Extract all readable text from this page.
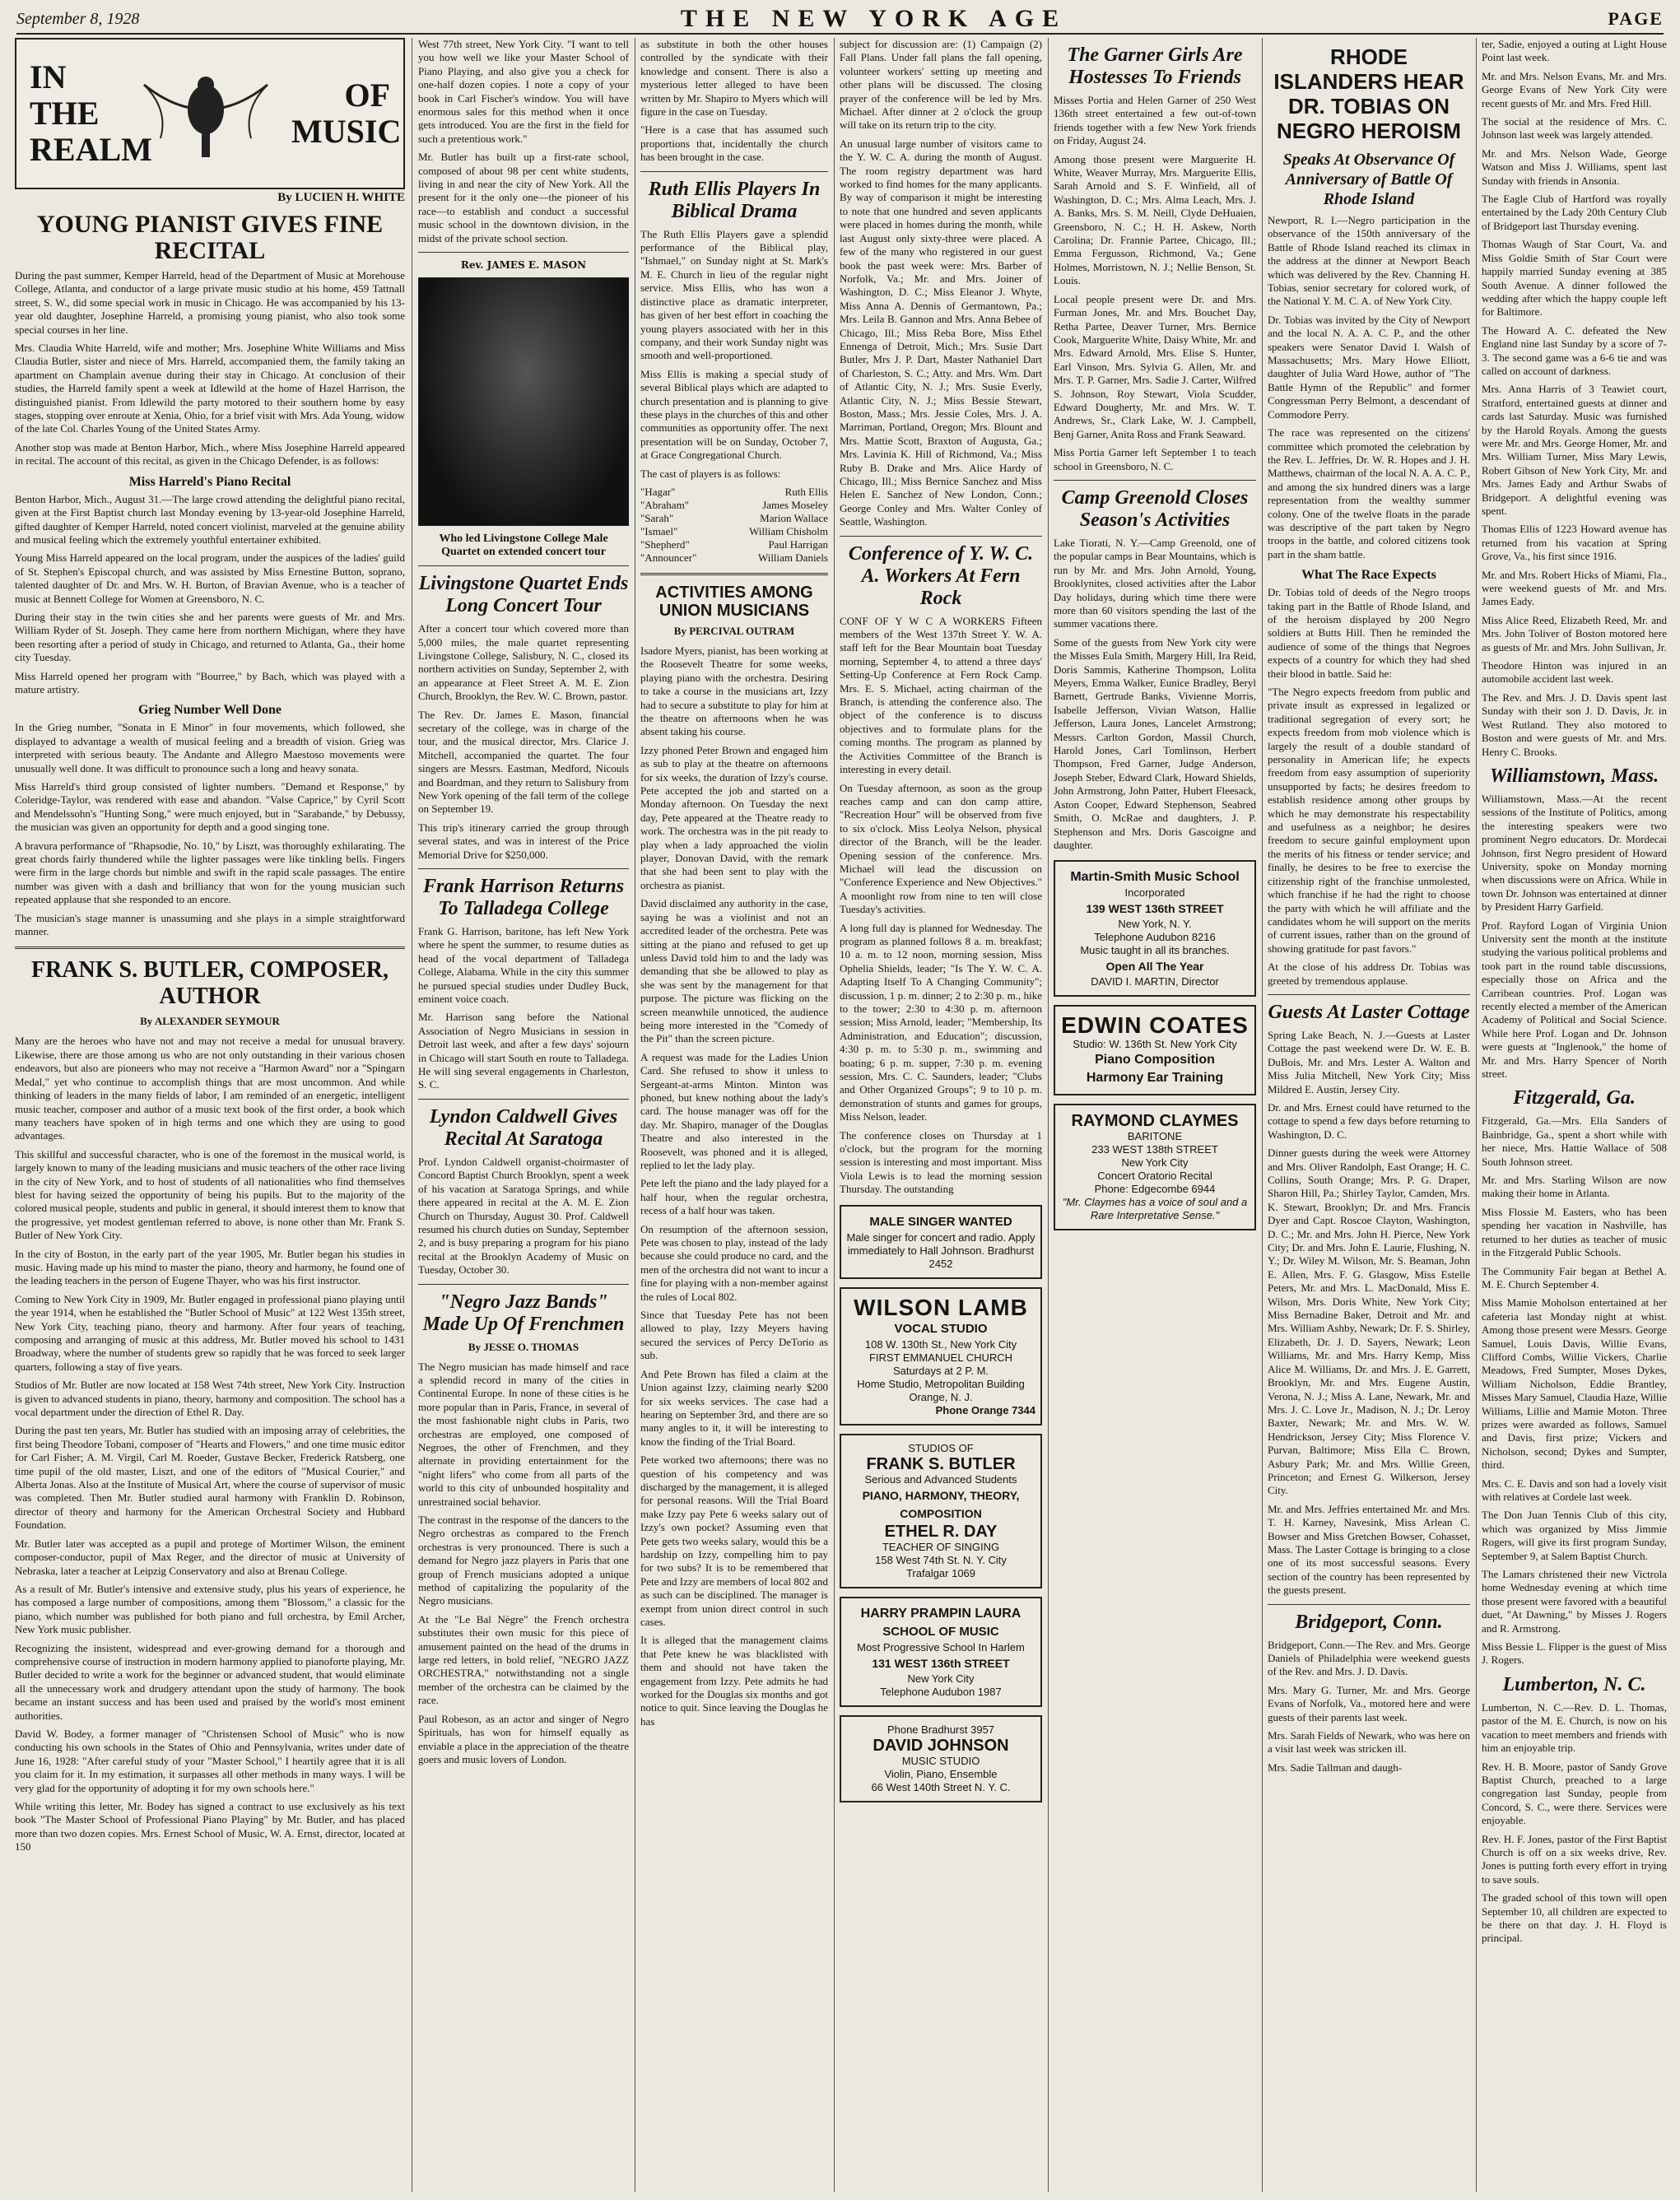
September 8, 1928	THE NEW YORK AGE	PAGE
IN THE REALM
OF MUSIC
By LUCIEN H. WHITE
YOUNG PIANIST GIVES FINE RECITAL

During the past summer, Kemper Harreld, head of the Department of Music at Morehouse College, Atlanta, and conductor of a large private music studio at his home, 459 Tattnall street, S. W., did some special work in music in Chicago. He was accompanied by his 13-year old daughter, Josephine Harreld, a promising young pianist, who also took some special courses in her line.

Mrs. Claudia White Harreld, wife and mother; Mrs. Josephine White Williams and Miss Claudia Butler, sister and niece of Mrs. Harreld, accompanied them, the family taking an apartment on Champlain avenue during their stay in Chicago. At conclusion of their studies, the Harreld family spent a week at Idlewild at the home of Hazel Harrison, the distinguished pianist. From Idlewild the party motored to their southern home by easy stages, stopping over enroute at Xenia, Ohio, for a brief visit with Mrs. Ada Young, widow of the late Col. Charles Young of the United States Army.

Another stop was made at Benton Harbor, Mich., where Miss Josephine Harreld appeared in recital. The account of this recital, as given in the Chicago Defender, is as follows:

Miss Harreld's Piano Recital

Benton Harbor, Mich., August 31.—The large crowd attending the delightful piano recital, given at the First Baptist church last Monday evening by 13-year-old Josephine Harreld, gifted daughter of Kemper Harreld, noted concert violinist, marveled at the genuine ability and musical feeling which the extremely youthful entertainer exhibited.

Young Miss Harreld appeared on the local program, under the auspices of the ladies' guild of St. Stephen's Episcopal church, and was assisted by Miss Ernestine Button, soprano, talented daughter of Dr. and Mrs. W. H. Burton, of Bravian Avenue, who is a teacher of music at Bennett College for Women at Greensboro, N. C.

During their stay in the twin cities she and her parents were guests of Mr. and Mrs. William Ryder of St. Joseph. They came here from northern Michigan, where they have been resorting after a period of study in Chicago, and returned to Atlanta, Ga., their home city Tuesday.

Miss Harreld opened her program with "Bourree," by Bach, which was played with a mature artistry.

Grieg Number Well Done

In the Grieg number, "Sonata in E Minor" in four movements, which followed, she displayed to advantage a wealth of musical feeling and a breadth of vision. Grieg was interpreted with serious beauty. The Andante and Allegro Maestoso movements were unusually well done. It was difficult to pronounce such a long and heavy sonata.

Miss Harreld's third group consisted of lighter numbers. "Demand et Response," by Coleridge-Taylor, was rendered with ease and abandon. "Valse Caprice," by Cyril Scott and Mendelssohn's "Hunting Song," were much enjoyed, but in "Sarabande," by Debussy, the musician was given an opportunity for depth and a good singing tone.

A bravura performance of "Rhapsodie, No. 10," by Liszt, was thoroughly exhilarating. The great chords fairly thundered while the lighter passages were like tinkling bells. Fingers were firm in the large chords but nimble and swift in the rapid scale passages. The entire number was given with a dash and brilliancy that won for the young musician such repeated applause that she responded to an encore.

The musician's stage manner is unassuming and she plays in a simple straightforward manner.

FRANK S. BUTLER, COMPOSER, AUTHOR
By ALEXANDER SEYMOUR

Many are the heroes who have not and may not receive a medal for unusual bravery. Likewise, there are those among us who are not only outstanding in their various chosen endeavors, but also are pioneers who may not receive a "Harmon Award" nor a "Spingarn Medal," yet who continue to accomplish things that are most uncommon. And while thinking of leaders in the many fields of labor, I am reminded of an energetic, intelligent music teacher, composer and author of a music text book of the first order, a book which many teachers have spoken of in high terms and one which they are using to good advantages.

This skillful and successful character, who is one of the foremost in the musical world, is largely known to many of the leading musicians and music teachers of the other race living in the city of New York, and to host of students of all nationalities who find themselves blest for having seized the opportunity of being his pupils. But to the majority of the colored musical people, students and public in general, it should interest them to know that the progressive, yet modest gentleman referred to above, is none other than Mr. Frank S. Butler of New York City.

In the city of Boston, in the early part of the year 1905, Mr. Butler began his studies in music. Having made up his mind to master the piano, theory and harmony, he found one of the leading teachers in the person of Eugene Thayer, who was his first instructor.

Coming to New York City in 1909, Mr. Butler engaged in professional piano playing until the year 1914, when he established the "Butler School of Music" at 122 West 135th street, New York City, teaching piano, theory and harmony. After four years of teaching, composing and arranging of music at this address, Mr. Butler moved his school to 1431 Broadway, where the number of students grew so rapidly that he was forced to seek larger quarters, following a stay of five years.

Studios of Mr. Butler are now located at 158 West 74th street, New York City. Instruction is given to advanced students in piano, theory, harmony and composition. The school has a vocal department under the direction of Ethel R. Day.

During the past ten years, Mr. Butler has studied with an imposing array of celebrities, the first being Theodore Tobani, composer of "Hearts and Flowers," and one time music editor for Carl Fisher; A. M. Virgil, Carl M. Roeder, Gustave Becker, Frederick Ratsberg, one time pupil of the old master, Liszt, and one of the editors of "Musical Courier," and Alberta Jonas. Also at the Institute of Musical Art, where the course of supervisor of music was completed. Then Mr. Butler studied aural harmony with Franklin D. Robinson, director of theory and harmony for the American Orchestral Society and Hubbard Foundation.

Mr. Butler later was accepted as a pupil and protege of Mortimer Wilson, the eminent composer-conductor, pupil of Max Reger, and the director of music at University of Nebraska, later a teacher at Leipzig Conservatory and also at Brenau College.

As a result of Mr. Butler's intensive and extensive study, plus his years of experience, he has composed a large number of compositions, among them "Blossom," a classic for the piano, which number was published for both piano and full orchestra, by Emil Archer, New York music publisher.

Recognizing the insistent, widespread and ever-growing demand for a thorough and comprehensive course of instruction in modern harmony applied to pianoforte playing, Mr. Butler decided to write a work for the beginner or advanced student, that would eliminate all the unnecessary work and drudgery attendant upon the study of harmony. The book became an instant success and has been used and praised by the world's most eminent authorities.

David W. Bodey, a former manager of "Christensen School of Music" who is now conducting his own schools in the States of Ohio and Pennsylvania, writes under date of June 16, 1928: "After careful study of your "Master School," I heartily agree that it is all you claim for it. In my estimation, it surpasses all other methods in many ways. I will be very glad for the opportunity of adopting it for my own schools here."

While writing this letter, Mr. Bodey has signed a contract to use exclusively as his text book "The Master School of Professional Piano Playing" by Mr. Butler, and has placed more than two dozen copies. Mrs. Ernest School of Music, W. A. Ernst, director, located at 150

West 77th street, New York City. "I want to tell you how well we like your Master School of Piano Playing, and also give you a check for one-half dozen copies. I note a copy of your book in Carl Fischer's window. You will have enormous sales for this method when it once gets introduced. You are the first in the field for such a pretentious work."

Mr. Butler has built up a first-rate school, composed of about 98 per cent white students, living in and near the city of New York. All the present for it the only one—the pioneer of his race—to establish and conduct a successful music school in the downtown division, in the midst of the private school section.

Rev. JAMES E. MASON
Who led Livingstone College Male Quartet on extended concert tour
Livingstone Quartet Ends Long Concert Tour

After a concert tour which covered more than 5,000 miles, the male quartet representing Livingstone College, Salisbury, N. C., closed its northern activities on Sunday, September 2, with an appearance at Fleet Street A. M. E. Zion Church, Brooklyn, the Rev. W. C. Brown, pastor.

The Rev. Dr. James E. Mason, financial secretary of the college, was in charge of the tour, and the musical director, Mrs. Clarice J. Mitchell, accompanied the quartet. The four singers are Messrs. Eastman, Medford, Nicouls and Boardman, and they return to Salisbury from New York opening of the fall term of the college on September 19.

This trip's itinerary carried the group through several states, and was in interest of the Price Memorial Drive for $250,000.

Frank Harrison Returns To Talladega College

Frank G. Harrison, baritone, has left New York where he spent the summer, to resume duties as head of the vocal department of Talladega College, Alabama. While in the city this summer he pursued special studies under Dudley Buck, eminent voice coach.

Mr. Harrison sang before the National Association of Negro Musicians in session in Detroit last week, and after a few days' sojourn in Chicago will start South en route to Talladega. He will sing several engagements in Charleston, S. C.

Lyndon Caldwell Gives Recital At Saratoga

Prof. Lyndon Caldwell organist-choirmaster of Concord Baptist Church Brooklyn, spent a week of his vacation at Saratoga Springs, and while there appeared in recital at the A. M. E. Zion Church on Thursday, August 30. Prof. Caldwell resumed his church duties on Sunday, September 2, and is busy preparing a program for his piano recital at the Brooklyn Academy of Music on Tuesday, October 30.

"Negro Jazz Bands" Made Up Of Frenchmen
By JESSE O. THOMAS

The Negro musician has made himself and race a splendid record in many of the cities in Continental Europe. In none of these cities is he more popular than in Paris, France, in several of the most fashionable night clubs in Paris, two orchestras are employed, one composed of Negroes, the other of Frenchmen, and they alternate in providing entertainment for the "night lifers" who come from all parts of the world to this city of unbounded hospitality and unrestrained social behavior.

The contrast in the response of the dancers to the Negro orchestras as compared to the French orchestras is very pronounced. There is such a demand for Negro jazz players in Paris that one group of French musicians adopted a unique method of capitalizing the popularity of the Negro musicians.

At the "Le Bal Nègre" the French orchestra substitutes their own music for this piece of amusement painted on the head of the drums in large red letters, in bold relief, "NEGRO JAZZ ORCHESTRA," notwithstanding not a single member of the orchestra can be claimed by the race.

Paul Robeson, as an actor and singer of Negro Spirituals, has won for himself equally as enviable a place in the appreciation of the theatre goers and music lovers of London.

as substitute in both the other houses controlled by the syndicate with their knowledge and consent. There is also a mysterious letter alleged to have been written by Mr. Shapiro to Myers which will figure in the case on Tuesday.

"Here is a case that has assumed such proportions that, incidentally the church has been brought in the case.

Ruth Ellis Players In Biblical Drama

The Ruth Ellis Players gave a splendid performance of the Biblical play, "Ishmael," on Sunday night at St. Mark's M. E. Church in lieu of the regular night service. Miss Ellis, who has won a distinctive place as dramatic interpreter, has given of her best effort in coaching the young players associated with her in this company, and their work Sunday night was smooth and well-proportioned.

Miss Ellis is making a special study of several Biblical plays which are adapted to church presentation and is planning to give these plays in the churches of this and other communities as opportunity offer. The next presentation will be on Sunday, October 7, at Grace Congregational Church.

The cast of players is as follows:

"Hagar"	Ruth Ellis
"Abraham"	James Moseley
"Sarah"	Marion Wallace
"Ismael"	William Chisholm
"Shepherd"	Paul Harrigan
"Announcer"	William Daniels
ACTIVITIES AMONG UNION MUSICIANS
By PERCIVAL OUTRAM

Isadore Myers, pianist, has been working at the Roosevelt Theatre for some weeks, playing piano with the orchestra. Desiring to take a course in the musicians art, Izzy had to secure a substitute to play for him at the theatre on afternoons when he was absent taking his course.

Izzy phoned Peter Brown and engaged him as sub to play at the theatre on afternoons for six weeks, the duration of Izzy's course. Pete accepted the job and started on a Monday afternoon. On Tuesday the next day, Pete appeared at the Theatre ready to work. The orchestra was in the pit ready to play when a lady approached the violin player, Donovan David, with the remark that she had been sent to play with the orchestra as pianist.

David disclaimed any authority in the case, saying he was a violinist and not an accredited leader of the orchestra. Pete was sitting at the piano and refused to get up unless David told him to and the lady was demanding that she be allowed to play as she was sent by the management for that purpose. The picture was flicking on the screen meanwhile unnoticed, the audience being more interested in the "Comedy of the Pit" than the screen picture.

A request was made for the Ladies Union Card. She refused to show it unless to Sergeant-at-arms Minton. Minton was phoned, but knew nothing about the lady's card. The house manager was off for the day. Mr. Shapiro, manager of the Douglas Theatre and also interested in the Roosevelt, was phoned and it is alleged, replied to let the lady play.

Pete left the piano and the lady played for a half hour, when the regular orchestra, recess of a half hour was taken.

On resumption of the afternoon session, Pete was chosen to play, instead of the lady because she could produce no card, and the men of the orchestra did not want to incur a fine for playing with a non-member against the rules of Local 802.

Since that Tuesday Pete has not been allowed to play, Izzy Meyers having secured the services of Percy DeTorio as sub.

And Pete Brown has filed a claim at the Union against Izzy, claiming nearly $200 for six weeks services. The case had a hearing on September 3rd, and there are so many angles to it, it will be interesting to know the finding of the Trial Board.

Pete worked two afternoons; there was no question of his competency and was discharged by the management, it is alleged for personal reasons. Will the Trial Board make Izzy pay Pete 6 weeks salary out of Izzy's own pocket? Assuming even that Pete gets two weeks salary, would this be a hardship on Izzy, compelling him to pay for two subs? It is to be remembered that Pete and Izzy are members of local 802 and as such can be disciplined. The manager is exempt from union direct control in such cases.

It is alleged that the management claims that Pete knew he was blacklisted with them and should not have taken the engagement from Izzy. Pete admits he had worked for the Douglas six months and got notice to quit. Since leaving the Douglas he has

subject for discussion are: (1) Campaign (2) Fall Plans. Under fall plans the fall opening, volunteer workers' setting up meeting and other plans will be discussed. The closing prayer of the conference will be led by Mrs. Michael. After dinner at 2 o'clock the group will take on its return trip to the city.

An unusual large number of visitors came to the Y. W. C. A. during the month of August. The room registry department was hard worked to find homes for the many applicants. By way of comparison it might be interesting to note that one hundred and seven applicants were placed in homes during the month, while last August only sixty-three were placed. A few of the many who registered in our guest book the past week were: Mrs. Barber of Norfolk, Va.; Mr. and Mrs. Joiner of Washington, D. C.; Miss Eleanor J. Whyte, Miss Anna A. Dennis of Germantown, Pa.; Mrs. Leila B. Gannon and Mrs. Anna Bebee of Chicago, Ill.; Miss Reba Bore, Miss Ethel Ennenga of Detroit, Mich.; Mrs. Susie Dart Butler, Mrs J. P. Dart, Master Nathaniel Dart of Charleston, S. C.; Atty. and Mrs. Wm. Dart of Atlantic City, N. J.; Mrs. Susie Everly, Atlantic City, N. J.; Miss Bessie Stewart, Boston, Mass.; Mrs. Jessie Coles, Mrs. J. A. Marriman, Portland, Oregon; Mrs. Blount and Mrs. Mattie Scott, Braxton of Augusta, Ga.; Mrs. Lavinia K. Hill of Richmond, Va.; Miss Ruby B. Drake and Mrs. Alice Hardy of Chicago, Ill.; Miss Bernice Sanchez and Miss Helen E. Sanchez of New London, Conn.; George Conley and Mrs. Walter Conley of Seattle, Washington.

Conference of Y. W. C. A. Workers At Fern Rock

CONF OF Y W C A WORKERS Fifteen members of the West 137th Street Y. W. A. staff left for the Bear Mountain boat Tuesday morning, September 4, to attend a three days' Setting-Up Conference at Fern Rock Camp. Mrs. E. S. Michael, acting chairman of the Branch, is attending the conference also. The object of the conference is to discuss objectives and to formulate plans for the coming months. The program as planned by the Activities Committee of the Branch is interesting in every detail.

On Tuesday afternoon, as soon as the group reaches camp and can don camp attire, "Recreation Hour" will be observed from five to six o'clock. Miss Leolya Nelson, physical director of the Branch, will be the leader. Opening session of the conference. Mrs. Michael will lead the discussion on "Conference Experience and New Objectives." A moonlight row from nine to ten will close Tuesday's activities.

A long full day is planned for Wednesday. The program as planned follows 8 a. m. breakfast; 10 a. m. to 12 noon, morning session, Miss Ophelia Shields, leader; "Is The Y. W. C. A. Adapting Itself To A Changing Community"; discussion, 1 p. m. dinner; 2 to 2:30 p. m., hike to the tower; 2:30 to 4:30 p. m. afternoon session; Miss Arnold, leader; "Membership, Its Administration, and Education"; discussion, 4:30 p. m. to 5:30 p. m., swimming and boating; 6 p. m. supper, 7:30 p. m. evening session, Mrs. C. C. Saunders, leader; "Clubs and Other Organized Groups"; 9 to 10 p. m. demonstration of stunts and games for groups, Miss Nelson, leader.

The conference closes on Thursday at 1 o'clock, but the program for the morning session is interesting and most important. Miss Viola Lewis is to lead the morning session Thursday. The outstanding

MALE SINGER WANTED
Male singer for concert and radio. Apply immediately to Hall Johnson. Bradhurst 2452
WILSON LAMB
VOCAL STUDIO
108 W. 130th St., New York City
FIRST EMMANUEL CHURCH
Saturdays at 2 P. M.
Home Studio, Metropolitan Building
Orange, N. J.
Phone Orange 7344
STUDIOS OF
FRANK S. BUTLER
Serious and Advanced Students
PIANO, HARMONY, THEORY, COMPOSITION
ETHEL R. DAY
TEACHER OF SINGING
158 West 74th St. N. Y. City
Trafalgar 1069
HARRY PRAMPIN LAURA
SCHOOL OF MUSIC
Most Progressive School In Harlem
131 WEST 136th STREET
New York City
Telephone Audubon 1987
Phone Bradhurst 3957
DAVID JOHNSON
MUSIC STUDIO
Violin, Piano, Ensemble
66 West 140th Street N. Y. C.
The Garner Girls Are Hostesses To Friends

Misses Portia and Helen Garner of 250 West 136th street entertained a few out-of-town friends together with a few New York friends on Friday, August 24.

Among those present were Marguerite H. White, Weaver Murray, Mrs. Marguerite Ellis, Sarah Arnold and S. F. Winfield, all of Washington, D. C.; Mrs. Alma Leach, Mrs. J. A. Banks, Mrs. S. M. Neill, Clyde DeHuaien, Greensboro, N. C.; H. H. Askew, North Carolina; Dr. Frannie Partee, Chicago, Ill.; Emma Fergusson, Richmond, Va.; Gene Holmes, Morristown, N. J.; Nellie Benson, St. Louis.

Local people present were Dr. and Mrs. Furman Jones, Mr. and Mrs. Bouchet Day, Retha Partee, Deaver Turner, Mrs. Bernice Cook, Marguerite White, Daisy White, Mr. and Mrs. Edward Arnold, Mrs. Elise S. Hunter, Earl Vinson, Mrs. Sylvia G. Allen, Mr. and Mrs. T. P. Garner, Mrs. Sadie J. Carter, Wilfred S. Johnson, Roy Stewart, Viola Scudder, Edward Dougherty, Mr. and Mrs. W. T. Andrews, Sr., Clark Lake, W. J. Campbell, Benj Garner, Anita Ross and Frank Seaward.

Miss Portia Garner left September 1 to teach school in Greensboro, N. C.

Camp Greenold Closes Season's Activities

Lake Tiorati, N. Y.—Camp Greenold, one of the popular camps in Bear Mountains, which is run by Mr. and Mrs. John Arnold, Young, Brooklynites, closed activities after the Labor Day holidays, during which time there were more than 60 visitors spending the last of the summer vacations there.

Some of the guests from New York city were the Misses Eula Smith, Margery Hill, Ira Reid, Doris Sammis, Katherine Thompson, Lolita Meyers, Emma Walker, Eunice Bradley, Beryl Barnett, Gertrude Banks, Vivienne Morris, Isabelle Jefferson, Vivian Watson, Hallie Jefferson, Laura Jones, Lancelet Armstrong; Messrs. Carlton Gordon, Massil Church, Harold Jones, Carl Tomlinson, Herbert Thompson, Fred Garner, Judge Anderson, Joseph Steber, Edward Clark, Howard Shields, John Armstrong, John Patter, Hubert Fleesack, Aston Cooper, Edward Stephenson, Seabred Smith, O. McRae and daughters, J. P. Stephenson and Mrs. Doris Gascoigne and daughter.

Martin-Smith Music School
Incorporated
139 WEST 136th STREET
New York, N. Y.
Telephone Audubon 8216
Music taught in all its branches.
Open All The Year
DAVID I. MARTIN, Director
EDWIN COATES
Studio: W. 136th St. New York City
Piano Composition
Harmony Ear Training
RAYMOND CLAYMES
BARITONE
233 WEST 138th STREET
New York City
Concert Oratorio Recital
Phone: Edgecombe 6944
"Mr. Claymes has a voice of soul and a Rare Interpretative Sense."
RHODE ISLANDERS HEAR DR. TOBIAS ON NEGRO HEROISM
Speaks At Observance Of Anniversary of Battle Of Rhode Island

Newport, R. I.—Negro participation in the observance of the 150th anniversary of the Battle of Rhode Island reached its climax in the address at the dinner at Newport Beach which was delivered by the Rev. Channing H. Tobias, senior secretary for colored work, of the National Y. M. C. A. of New York City.

Dr. Tobias was invited by the City of Newport and the local N. A. A. C. P., and the other speakers were Senator David I. Walsh of Massachusetts; Mrs. Mary Howe Elliott, daughter of Julia Ward Howe, author of "The Battle Hymn of the Republic" and former Congressman Perry Belmont, a descendant of Commodore Perry.

The race was represented on the citizens' committee which promoted the celebration by the Rev. L. Jeffries, Dr. W. R. Hopes and J. H. Matthews, chairman of the local N. A. A. C. P., and among the six hundred diners was a large representation from the wealthy summer colony. One of the twelve floats in the parade was descriptive of the part taken by Negro troops in the battle, and colored citizens took part in the sham battle.

What The Race Expects

Dr. Tobias told of deeds of the Negro troops taking part in the Battle of Rhode Island, and of the heroism displayed by 200 Negro soldiers at Butts Hill. Then he reminded the audience of some of the things that Negroes expects of a country for which they had shed their blood in battle. Said he:

"The Negro expects freedom from public and private insult as expressed in legalized or traditional segregation of every sort; he expects freedom from mob violence which is largely the result of a double standard of personality in American life; he expects freedom from easy assumption of superiority unsupported by facts; he desires freedom to establish residence among other groups by which he may demonstrate his respectability and usefulness as a neighbor; he desires freedom to secure gainful employment upon the merits of his fitness or tender service; and finally, he desires to be free to exercise the citizenship right of the franchise unmolested, which franchise if he had the right to choose the party with which he will affiliate and the candidates whom he will support on the merits of current issues, rather than on the ground of showing gratitude for past favors."

At the close of his address Dr. Tobias was greeted by tremendous applause.

Guests At Laster Cottage

Spring Lake Beach, N. J.—Guests at Laster Cottage the past weekend were Dr. W. E. B. DuBois, Mr. and Mrs. Lester A. Walton and Miss Julia Mitchell, New York City; Miss Mildred E. Austin, Jersey City.

Dr. and Mrs. Ernest could have returned to the cottage to spend a few days before returning to Washington, D. C.

Dinner guests during the week were Attorney and Mrs. Oliver Randolph, East Orange; H. C. Collins, South Orange; Mrs. P. G. Draper, Sharon Hill, Pa.; Shirley Taylor, Camden, Mrs. K. Stewart, Brooklyn; Dr. and Mrs. Francis Dyer and Capt. Roscoe Clayton, Washington, D. C.; Mr. and Mrs. John H. Pierce, New York City; Dr. and Mrs. John E. Laurie, Flushing, N. Y.; Dr. Wiley M. Wilson, Mr. S. Beaman, John E. Allen, Mrs. F. G. Glasgow, Miss Estelle Peters, Mr. and Mrs. L. MacDonald, Miss E. Wilson, Mrs. Doris White, New York City; Miss Bernadine Baker, Detroit and Mr. and Mrs. William Ashby, Newark; Dr. F. S. Shirley, Elizabeth, Dr. J. D. Sayers, Newark; Leon Williams, Mr. and Mrs. Harry Kemp, Miss Alice M. Williams, Dr. and Mrs. J. E. Garrett, Brooklyn, Mr. and Mrs. Eugene Austin, Verona, N. J.; Miss A. Lane, Newark, Mr. and Mrs. J. C. Love Jr., Madison, N. J.; Dr. Leroy Baxter, Newark; Mr. and Mrs. W. W. Hendrickson, Jersey City; Miss Florence V. Purvan, Baltimore; Miss Ella C. Brown, Asbury Park; Mr. and Mrs. Willie Green, Princeton; and Ernest G. Wilkerson, Jersey City.

Mr. and Mrs. Jeffries entertained Mr. and Mrs. T. H. Karney, Navesink, Miss Arlean C. Bowser and Miss Gretchen Bowser, Cohasset, Mass. The Laster Cottage is bringing to a close one of its most successful seasons. Every section of the country has been represented by the guests present.

Bridgeport, Conn.

Bridgeport, Conn.—The Rev. and Mrs. George Daniels of Philadelphia were weekend guests of the Rev. and Mrs. J. D. Davis.

Mrs. Mary G. Turner, Mr. and Mrs. George Evans of Norfolk, Va., motored here and were guests of their parents last week.

Mrs. Sarah Fields of Newark, who was here on a visit last week was stricken ill.

Mrs. Sadie Tallman and daugh-

ter, Sadie, enjoyed a outing at Light House Point last week.

Mr. and Mrs. Nelson Evans, Mr. and Mrs. George Evans of New York City were recent guests of Mr. and Mrs. Fred Hill.

The social at the residence of Mrs. C. Johnson last week was largely attended.

Mr. and Mrs. Nelson Wade, George Watson and Miss J. Williams, spent last Sunday with friends in Ansonia.

The Eagle Club of Hartford was royally entertained by the Lady 20th Century Club of Bridgeport last Thursday evening.

Thomas Waugh of Star Court, Va. and Miss Goldie Smith of Star Court were happily married Sunday evening at 385 South Avenue. A dinner followed the wedding after which the happy couple left for Baltimore.

The Howard A. C. defeated the New England nine last Sunday by a score of 7-3. The second game was a 6-6 tie and was called on account of darkness.

Mrs. Anna Harris of 3 Teawiet court, Stratford, entertained guests at dinner and cards last Saturday. Music was furnished by the Harold Royals. Among the guests were Mr. and Mrs. George Homer, Mr. and Mrs. William Turner, Miss Mary Lewis, Robert Gibson of New York City, Mr. and Mrs. James Eady and Arthur Swabs of Bridgeport. A delightful evening was spent.

Thomas Ellis of 1223 Howard avenue has returned from his vacation at Spring Grove, Va., his first since 1916.

Mr. and Mrs. Robert Hicks of Miami, Fla., were weekend guests of Mr. and Mrs. James Eady.

Miss Alice Reed, Elizabeth Reed, Mr. and Mrs. John Toliver of Boston motored here as guests of Mr. and Mrs. John Sullivan, Jr.

Theodore Hinton was injured in an automobile accident last week.

The Rev. and Mrs. J. D. Davis spent last Sunday with their son J. D. Davis, Jr. in West Rutland. They also motored to Boston and were guests of Mr. and Mrs. Henry C. Brooks.

Williamstown, Mass.

Williamstown, Mass.—At the recent sessions of the Institute of Politics, among the interesting speakers were two prominent Negro educators. Dr. Mordecai Johnson, first Negro president of Howard University, spoke on Monday morning when discussions were on Africa. While in town Dr. Johnson was entertained at dinner by President Harry Garfield.

Prof. Rayford Logan of Virginia Union University sent the month at the institute studying the various political problems and took part in the round table discussions, especially those on Africa and the Carribean countries. Prof. Logan was recently elected a member of the American Academy of Political and Social Science. While here Prof. Logan and Dr. Johnson were guests at "Inglenook," the home of Mr. and Mrs. Harry Spencer of North street.

Fitzgerald, Ga.

Fitzgerald, Ga.—Mrs. Ella Sanders of Bainbridge, Ga., spent a short while with her niece, Mrs. Hattie Wallace of 508 South Johnson street.

Mr. and Mrs. Starling Wilson are now making their home in Atlanta.

Miss Flossie M. Easters, who has been spending her vacation in Nashville, has returned to her duties as teacher of music in the Fitzgerald Public Schools.

The Community Fair began at Bethel A. M. E. Church September 4.

Miss Mamie Moholson entertained at her cafeteria last Monday night at whist. Among those present were Messrs. George Samuel, Louis Davis, Willie Evans, Clifford Combs, Willie Vickers, Charlie Meadows, Fred Sumpter, Moses Dykes, William Nicholson, Eddie Brantley, Misses Mary Samuel, Claudia Haze, Willie Williams, Lillie and Mamie Moton. Three prizes were awarded as follows, Samuel and Davis, first prize; Vickers and Nicholson, second; Dykes and Sumpter, third.

Mrs. C. E. Davis and son had a lovely visit with relatives at Cordele last week.

The Don Juan Tennis Club of this city, which was organized by Miss Jimmie Rogers, will give its first program Sunday, September 9, at Salem Baptist Church.

The Lamars christened their new Victrola home Wednesday evening at which time those present were favored with a beautiful duet, "At Dawning," by Misses J. Rogers and R. Armstrong.

Miss Bessie L. Flipper is the guest of Miss J. Rogers.

Lumberton, N. C.

Lumberton, N. C.—Rev. D. L. Thomas, pastor of the M. E. Church, is now on his vacation to meet members and friends with him an enjoyable trip.

Rev. H. B. Moore, pastor of Sandy Grove Baptist Church, preached to a large congregation last Sunday, people from Concord, S. C., were there. Services were enjoyable.

Rev. H. F. Jones, pastor of the First Baptist Church is off on a six weeks drive, Rev. Jones is putting forth every effort in trying to save souls.

The graded school of this town will open September 10, all children are expected to be there on that day. J. H. Floyd is principal.
